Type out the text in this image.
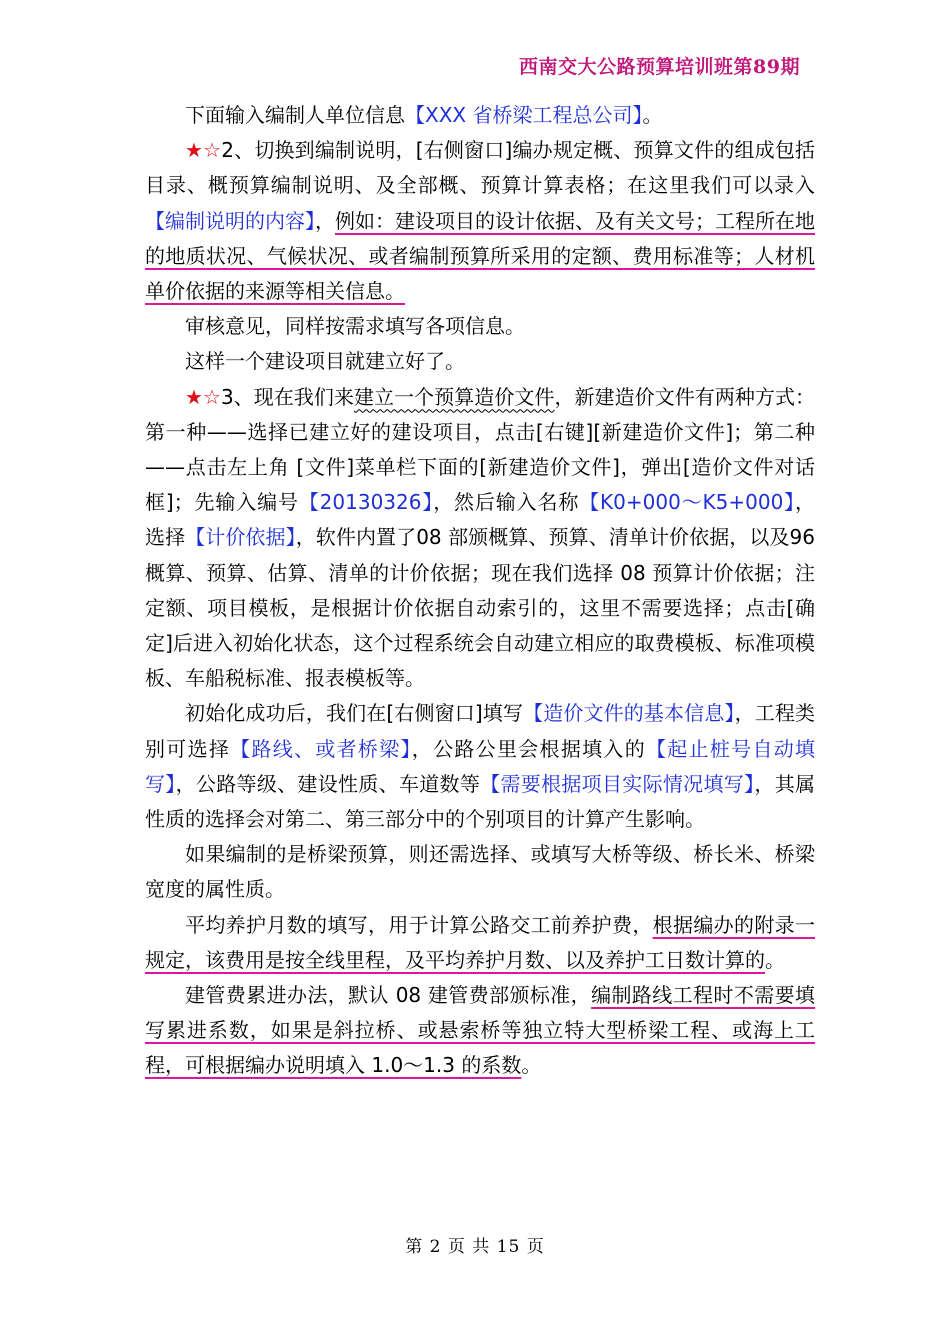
西南交大公路预算培训班第89期

下面输入编制人单位信息【XXX 省桥梁工程总公司】。

★☆2、切换到编制说明，[右侧窗口]编办规定概、预算文件的组成包括目录、概预算编制说明、及全部概、预算计算表格；在这里我们可以录入【编制说明的内容】，例如：建设项目的设计依据、及有关文号；工程所在地的地质状况、气候状况、或者编制预算所采用的定额、费用标准等；人材机单价依据的来源等相关信息。

审核意见，同样按需求填写各项信息。

这样一个建设项目就建立好了。

★☆3、现在我们来建立一个预算造价文件，新建造价文件有两种方式：第一种——选择已建立好的建设项目，点击[右键][新建造价文件]；第二种——点击左上角 [文件]菜单栏下面的[新建造价文件]，弹出[造价文件对话框]；先输入编号【20130326】，然后输入名称【K0+000～K5+000】，选择【计价依据】，软件内置了08 部颁概算、预算、清单计价依据，以及96 概算、预算、估算、清单的计价依据；现在我们选择 08 预算计价依据；注定额、项目模板，是根据计价依据自动索引的，这里不需要选择；点击[确定]后进入初始化状态，这个过程系统会自动建立相应的取费模板、标准项模板、车船税标准、报表模板等。

初始化成功后，我们在[右侧窗口]填写【造价文件的基本信息】，工程类别可选择【路线、或者桥梁】，公路公里会根据填入的【起止桩号自动填写】，公路等级、建设性质、车道数等【需要根据项目实际情况填写】，其属性质的选择会对第二、第三部分中的个别项目的计算产生影响。

如果编制的是桥梁预算，则还需选择、或填写大桥等级、桥长米、桥梁宽度的属性质。

平均养护月数的填写，用于计算公路交工前养护费，根据编办的附录一规定，该费用是按全线里程，及平均养护月数、以及养护工日数计算的。

建管费累进办法，默认 08 建管费部颁标准，编制路线工程时不需要填写累进系数，如果是斜拉桥、或悬索桥等独立特大型桥梁工程、或海上工程，可根据编办说明填入 1.0～1.3 的系数。

第 2 页 共 15 页
